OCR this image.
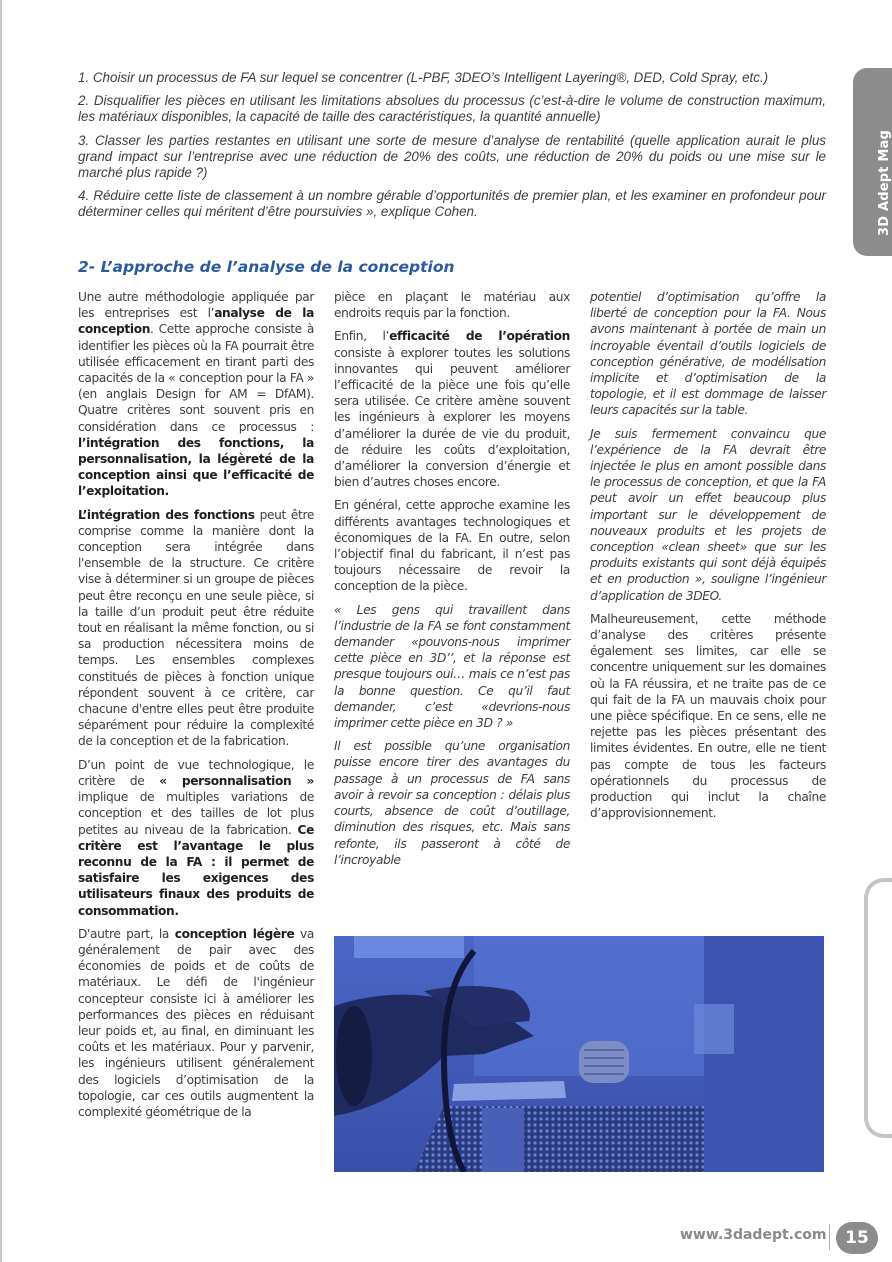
1. Choisir un processus de FA sur lequel se concentrer (L-PBF, 3DEO’s Intelligent Layering®, DED, Cold Spray, etc.)

2. Disqualifier les pièces en utilisant les limitations absolues du processus (c’est-à-dire le volume de construction maximum, les matériaux disponibles, la capacité de taille des caractéristiques, la quantité annuelle)

3. Classer les parties restantes en utilisant une sorte de mesure d’analyse de rentabilité (quelle application aurait le plus grand impact sur l’entreprise avec une réduction de 20% des coûts, une réduction de 20% du poids ou une mise sur le marché plus rapide ?)

4. Réduire cette liste de classement à un nombre gérable d’opportunités de premier plan, et les examiner en profondeur pour déterminer celles qui méritent d’être poursuivies », explique Cohen.	3D Adept Mag
2- L’approche de l’analyse de la conception

Une autre méthodologie appliquée par les entreprises est l’analyse de la conception. Cette approche consiste à identifier les pièces où la FA pourrait être utilisée efficacement en tirant parti des capacités de la « conception pour la FA » (en anglais Design for AM = DfAM). Quatre critères sont souvent pris en considération dans ce processus : l’intégration des fonctions, la personnalisation, la légèreté de la conception ainsi que l’efficacité de l’exploitation.

L’intégration des fonctions peut être comprise comme la manière dont la conception sera intégrée dans l'ensemble de la structure. Ce critère vise à déterminer si un groupe de pièces peut être reconçu en une seule pièce, si la taille d’un produit peut être réduite tout en réalisant la même fonction, ou si sa production nécessitera moins de temps. Les ensembles complexes constitués de pièces à fonction unique répondent souvent à ce critère, car chacune d'entre elles peut être produite séparément pour réduire la complexité de la conception et de la fabrication.

D’un point de vue technologique, le critère de « personnalisation » implique de multiples variations de conception et des tailles de lot plus petites au niveau de la fabrication. Ce critère est l’avantage le plus reconnu de la FA : il permet de satisfaire les exigences des utilisateurs finaux des produits de consommation.

D'autre part, la conception légère va généralement de pair avec des économies de poids et de coûts de matériaux. Le défi de l'ingénieur concepteur consiste ici à améliorer les performances des pièces en réduisant leur poids et, au final, en diminuant les coûts et les matériaux. Pour y parvenir, les ingénieurs utilisent généralement des logiciels d’optimisation de la topologie, car ces outils augmentent la complexité géométrique de la

pièce en plaçant le matériau aux endroits requis par la fonction.

Enfin, l’efficacité de l’opération consiste à explorer toutes les solutions innovantes qui peuvent améliorer l’efficacité de la pièce une fois qu’elle sera utilisée. Ce critère amène souvent les ingénieurs à explorer les moyens d’améliorer la durée de vie du produit, de réduire les coûts d’exploitation, d’améliorer la conversion d’énergie et bien d’autres choses encore.

En général, cette approche examine les différents avantages technologiques et économiques de la FA. En outre, selon l’objectif final du fabricant, il n’est pas toujours nécessaire de revoir la conception de la pièce.

« Les gens qui travaillent dans l’industrie de la FA se font constamment demander «pouvons-nous imprimer cette pièce en 3D’’, et la réponse est presque toujours oui… mais ce n’est pas la bonne question. Ce qu’il faut demander, c’est «devrions-nous imprimer cette pièce en 3D ? »

Il est possible qu’une organisation puisse encore tirer des avantages du passage à un processus de FA sans avoir à revoir sa conception : délais plus courts, absence de coût d’outillage, diminution des risques, etc. Mais sans refonte, ils passeront à côté de l’incroyable

potentiel d’optimisation qu’offre la liberté de conception pour la FA. Nous avons maintenant à portée de main un incroyable éventail d’outils logiciels de conception générative, de modélisation implicite et d’optimisation de la topologie, et il est dommage de laisser leurs capacités sur la table.

Je suis fermement convaincu que l’expérience de la FA devrait être injectée le plus en amont possible dans le processus de conception, et que la FA peut avoir un effet beaucoup plus important sur le développement de nouveaux produits et les projets de conception «clean sheet» que sur les produits existants qui sont déjà équipés et en production », souligne l’ingénieur d’application de 3DEO.

Malheureusement, cette méthode d’analyse des critères présente également ses limites, car elle se concentre uniquement sur les domaines où la FA réussira, et ne traite pas de ce qui fait de la FA un mauvais choix pour une pièce spécifique. En ce sens, elle ne rejette pas les pièces présentant des limites évidentes. En outre, elle ne tient pas compte de tous les facteurs opérationnels du processus de production qui inclut la chaîne d’approvisionnement.

www.3dadept.com	15
